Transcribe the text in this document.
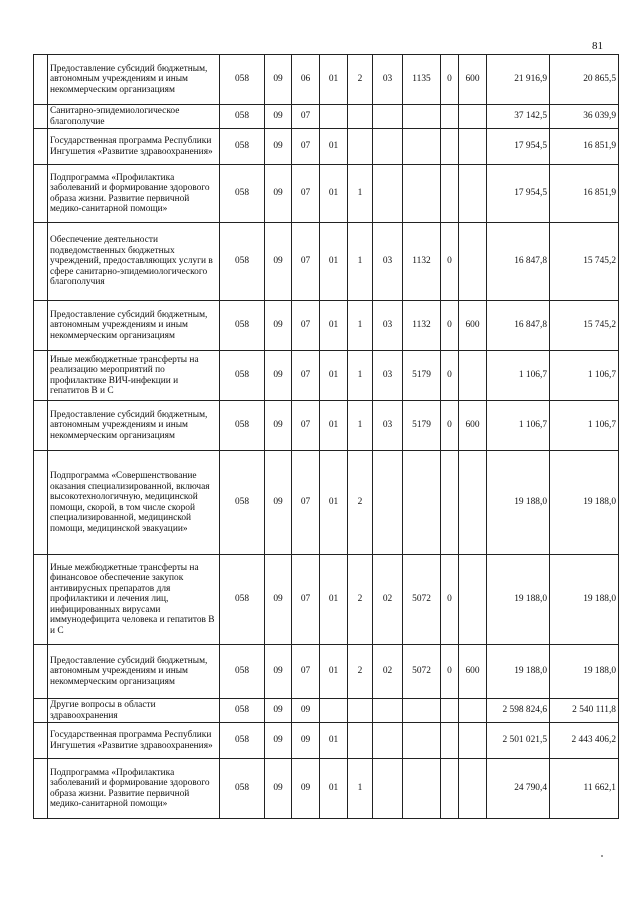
81
	Предоставление субсидий бюджетным, автономным учреждениям и иным некоммерческим организациям	058	09	06	01	2	03	1135	0	600	21 916,9	20 865,5
	Санитарно-эпидемиологическое благополучие	058	09	07							37 142,5	36 039,9
	Государственная программа Республики Ингушетия «Развитие здравоохранения»	058	09	07	01						17 954,5	16 851,9
	Подпрограмма «Профилактика заболеваний и формирование здорового образа жизни. Развитие первичной медико-санитарной помощи»	058	09	07	01	1					17 954,5	16 851,9
	Обеспечение деятельности подведомственных бюджетных учреждений, предоставляющих услуги в сфере санитарно-эпидемиологического благополучия	058	09	07	01	1	03	1132	0		16 847,8	15 745,2
	Предоставление субсидий бюджетным, автономным учреждениям и иным некоммерческим организациям	058	09	07	01	1	03	1132	0	600	16 847,8	15 745,2
	Иные межбюджетные трансферты на реализацию мероприятий по профилактике ВИЧ-инфекции и гепатитов В и С	058	09	07	01	1	03	5179	0		1 106,7	1 106,7
	Предоставление субсидий бюджетным, автономным учреждениям и иным некоммерческим организациям	058	09	07	01	1	03	5179	0	600	1 106,7	1 106,7
	Подпрограмма «Совершенствование оказания специализированной, включая высокотехнологичную, медицинской помощи, скорой, в том числе скорой специализированной, медицинской помощи, медицинской эвакуации»	058	09	07	01	2					19 188,0	19 188,0
	Иные межбюджетные трансферты на финансовое обеспечение закупок антивирусных препаратов для профилактики и лечения лиц, инфицированных вирусами иммунодефицита человека и гепатитов В и С	058	09	07	01	2	02	5072	0		19 188,0	19 188,0
	Предоставление субсидий бюджетным, автономным учреждениям и иным некоммерческим организациям	058	09	07	01	2	02	5072	0	600	19 188,0	19 188,0
	Другие вопросы в области здравоохранения	058	09	09							2 598 824,6	2 540 111,8
	Государственная программа Республики Ингушетия «Развитие здравоохранения»	058	09	09	01						2 501 021,5	2 443 406,2
	Подпрограмма «Профилактика заболеваний и формирование здорового образа жизни. Развитие первичной медико-санитарной помощи»	058	09	09	01	1					24 790,4	11 662,1
